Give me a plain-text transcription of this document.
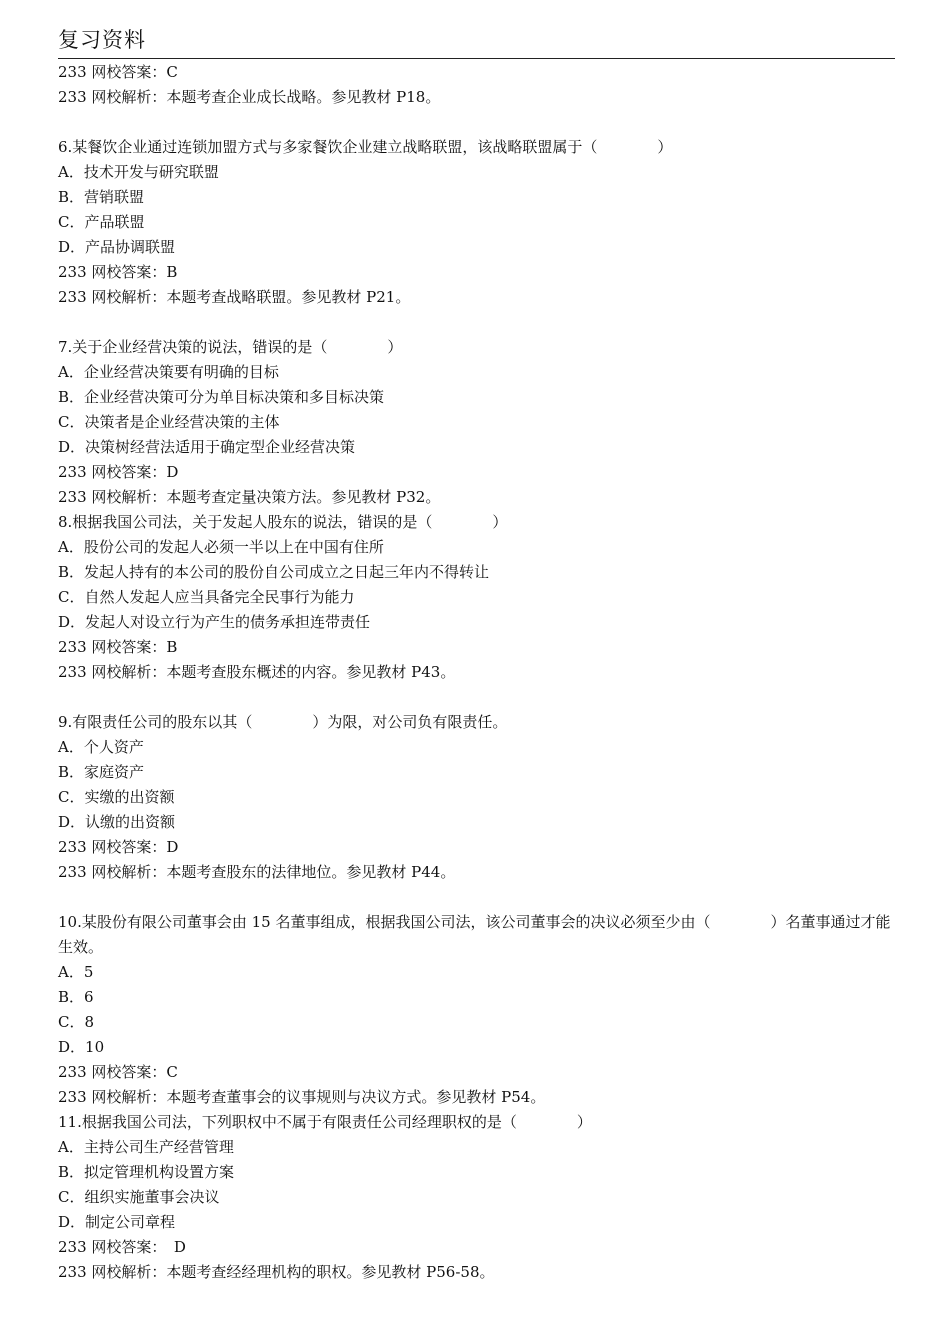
复习资料
233 网校答案：C
233 网校解析：本题考查企业成长战略。参见教材 P18。
6.某餐饮企业通过连锁加盟方式与多家餐饮企业建立战略联盟，该战略联盟属于（　　　　）
A．技术开发与研究联盟
B．营销联盟
C．产品联盟
D．产品协调联盟
233 网校答案：B
233 网校解析：本题考查战略联盟。参见教材 P21。
7.关于企业经营决策的说法，错误的是（　　　　）
A．企业经营决策要有明确的目标
B．企业经营决策可分为单目标决策和多目标决策
C．决策者是企业经营决策的主体
D．决策树经营法适用于确定型企业经营决策
233 网校答案：D
233 网校解析：本题考查定量决策方法。参见教材 P32。
8.根据我国公司法，关于发起人股东的说法，错误的是（　　　　）
A．股份公司的发起人必须一半以上在中国有住所
B．发起人持有的本公司的股份自公司成立之日起三年内不得转让
C．自然人发起人应当具备完全民事行为能力
D．发起人对设立行为产生的债务承担连带责任
233 网校答案：B
233 网校解析：本题考查股东概述的内容。参见教材 P43。
9.有限责任公司的股东以其（　　　　）为限，对公司负有限责任。
A．个人资产
B．家庭资产
C．实缴的出资额
D．认缴的出资额
233 网校答案：D
233 网校解析：本题考查股东的法律地位。参见教材 P44。
10.某股份有限公司董事会由 15 名董事组成，根据我国公司法，该公司董事会的决议必须至少由（　　　　）名董事通过才能生效。
A．5
B．6
C．8
D．10
233 网校答案：C
233 网校解析：本题考查董事会的议事规则与决议方式。参见教材 P54。
11.根据我国公司法，下列职权中不属于有限责任公司经理职权的是（　　　　）
A．主持公司生产经营管理
B．拟定管理机构设置方案
C．组织实施董事会决议
D．制定公司章程
233 网校答案：　D
233 网校解析：本题考查经经理机构的职权。参见教材 P56-58。
